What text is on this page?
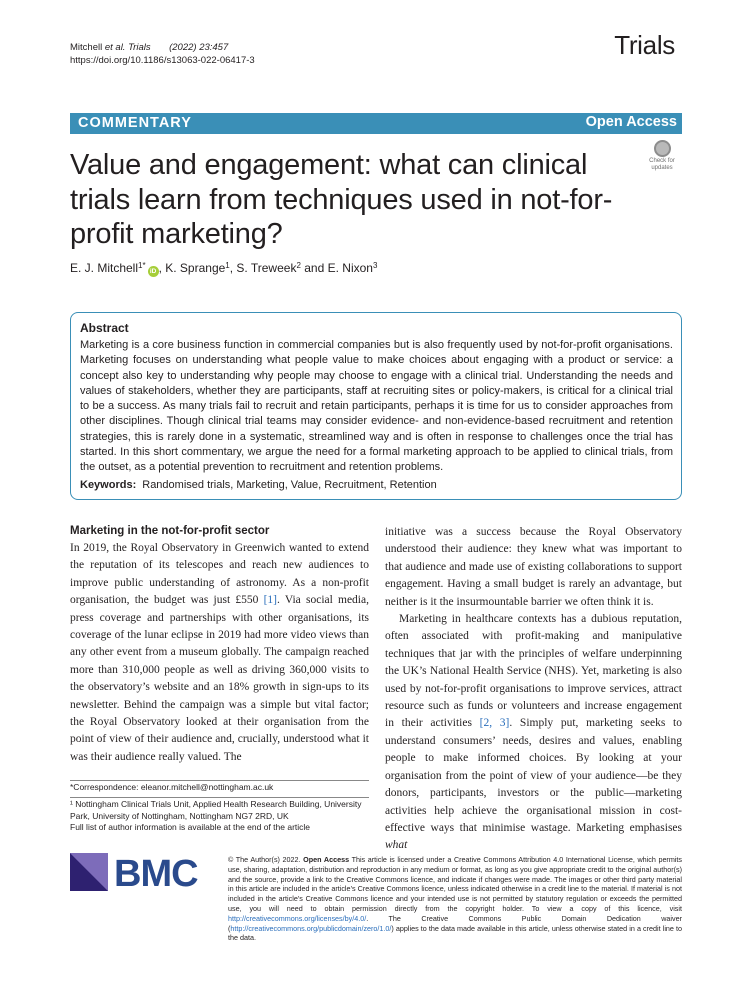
Mitchell et al. Trials (2022) 23:457
https://doi.org/10.1186/s13063-022-06417-3
Trials
COMMENTARY	Open Access
Check for
updates
Value and engagement: what can clinical trials learn from techniques used in not-for-profit marketing?
E. J. Mitchell$^{1*}$iD , K. Sprange$^1$, S. Treweek$^2$ and E. Nixon$^3$
Abstract

Marketing is a core business function in commercial companies but is also frequently used by not-for-profit organisations. Marketing focuses on understanding what people value to make choices about engaging with a product or service: a concept also key to understanding why people may choose to engage with a clinical trial. Understanding the needs and values of stakeholders, whether they are participants, staff at recruiting sites or policy-makers, is critical for a clinical trial to be a success. As many trials fail to recruit and retain participants, perhaps it is time for us to consider approaches from other disciplines. Though clinical trial teams may consider evidence- and non-evidence-based recruitment and retention strategies, this is rarely done in a systematic, streamlined way and is often in response to challenges once the trial has started. In this short commentary, we argue the need for a formal marketing approach to be applied to clinical trials, from the outset, as a potential prevention to recruitment and retention problems.

Keywords: Randomised trials, Marketing, Value, Recruitment, Retention
Marketing in the not-for-profit sector

In 2019, the Royal Observatory in Greenwich wanted to extend the reputation of its telescopes and reach new audiences to improve public understanding of astronomy. As a non-profit organisation, the budget was just £550 [1]. Via social media, press coverage and partnerships with other organisations, its coverage of the lunar eclipse in 2019 had more video views than any other event from a museum globally. The campaign reached more than 310,000 people as well as driving 360,000 visits to the observatory’s website and an 18% growth in sign-ups to its newsletter. Behind the campaign was a simple but vital factor; the Royal Observatory looked at their organisation from the point of view of their audience and, crucially, understood what it was their audience really valued. The

initiative was a success because the Royal Observatory understood their audience: they knew what was important to that audience and made use of existing collaborations to support engagement. Having a small budget is rarely an advantage, but neither is it the insurmountable barrier we often think it is.

Marketing in healthcare contexts has a dubious reputation, often associated with profit-making and manipulative techniques that jar with the principles of welfare underpinning the UK’s National Health Service (NHS). Yet, marketing is also used by not-for-profit organisations to improve services, attract resource such as funds or volunteers and increase engagement in their activities [2, 3]. Simply put, marketing seeks to understand consumers’ needs, desires and values, enabling people to make informed choices. By looking at your organisation from the point of view of your audience—be they donors, participants, investors or the public—marketing activities help achieve the organisational mission in cost-effective ways that minimise wastage. Marketing emphasises what

*Correspondence: eleanor.mitchell@nottingham.ac.uk
¹ Nottingham Clinical Trials Unit, Applied Health Research Building, University Park, University of Nottingham, Nottingham NG7 2RD, UK
Full list of author information is available at the end of the article
BMC	© The Author(s) 2022. Open Access This article is licensed under a Creative Commons Attribution 4.0 International License, which permits use, sharing, adaptation, distribution and reproduction in any medium or format, as long as you give appropriate credit to the original author(s) and the source, provide a link to the Creative Commons licence, and indicate if changes were made. The images or other third party material in this article are included in the article’s Creative Commons licence, unless indicated otherwise in a credit line to the material. If material is not included in the article’s Creative Commons licence and your intended use is not permitted by statutory regulation or exceeds the permitted use, you will need to obtain permission directly from the copyright holder. To view a copy of this licence, visit http://creativecommons.org/licenses/by/4.0/. The Creative Commons Public Domain Dedication waiver (http://creativecommons.org/publicdomain/zero/1.0/) applies to the data made available in this article, unless otherwise stated in a credit line to the data.
